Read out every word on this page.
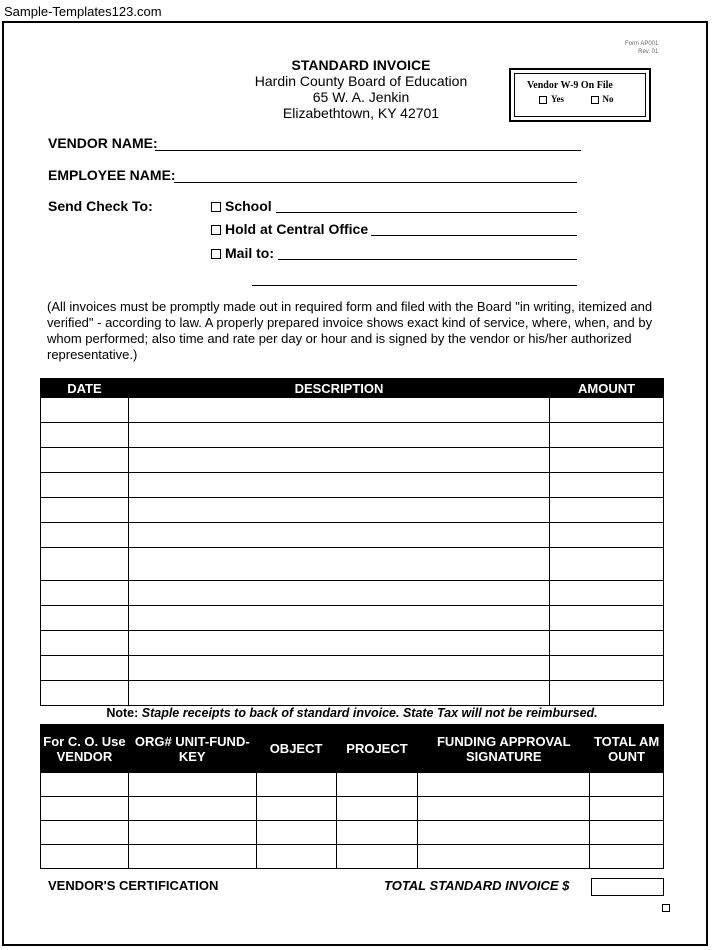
Sample-Templates123.com
Form AP001
Rev. 01
STANDARD INVOICE
Hardin County Board of Education
65 W. A. Jenkin
Elizabethtown, KY 42701
Vendor W-9 On File
Yes	No
VENDOR NAME:
EMPLOYEE NAME:
Send Check To:	School
Hold at Central Office
Mail to:
(All invoices must be promptly made out in required form and filed with the Board "in writing, itemized and verified" - according to law. A properly prepared invoice shows exact kind of service, where, when, and by whom performed; also time and rate per day or hour and is signed by the vendor or his/her authorized representative.)
DATE	DESCRIPTION	AMOUNT

Note: Staple receipts to back of standard invoice. State Tax will not be reimbursed.
For C. O. Use VENDOR	ORG# UNIT-FUND-KEY	OBJECT	PROJECT	FUNDING APPROVAL SIGNATURE	TOTAL AMOUNT

VENDOR'S CERTIFICATION	TOTAL STANDARD INVOICE $
